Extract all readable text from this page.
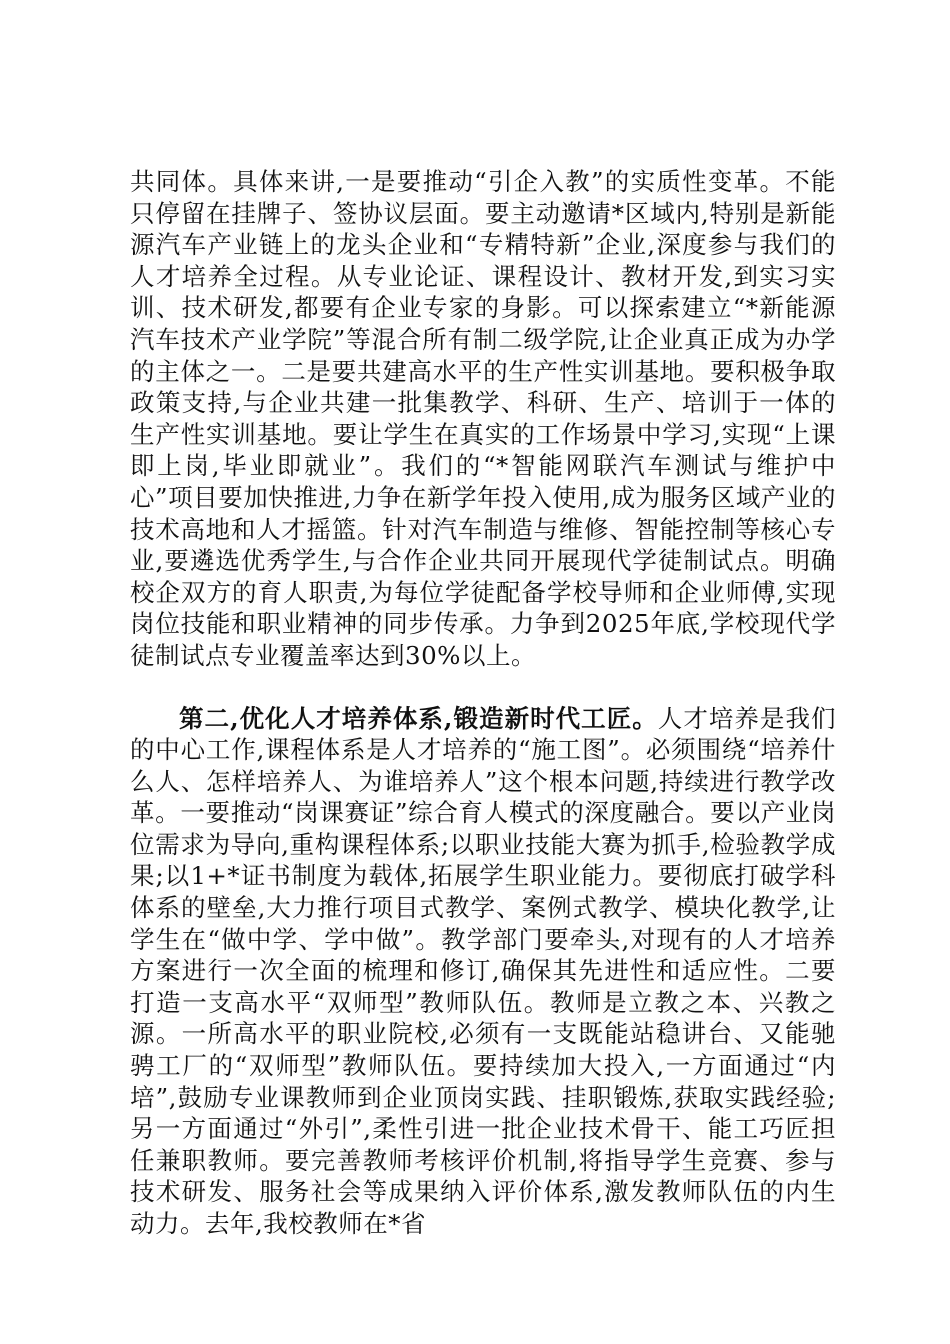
共同体。具体来讲,一是要推动“引企入教”的实质性变革。不能只停留在挂牌子、签协议层面。要主动邀请*区域内,特别是新能源汽车产业链上的龙头企业和“专精特新”企业,深度参与我们的人才培养全过程。从专业论证、课程设计、教材开发,到实习实训、技术研发,都要有企业专家的身影。可以探索建立“*新能源汽车技术产业学院”等混合所有制二级学院,让企业真正成为办学的主体之一。二是要共建高水平的生产性实训基地。要积极争取政策支持,与企业共建一批集教学、科研、生产、培训于一体的生产性实训基地。要让学生在真实的工作场景中学习,实现“上课即上岗,毕业即就业”。我们的“*智能网联汽车测试与维护中心”项目要加快推进,力争在新学年投入使用,成为服务区域产业的技术高地和人才摇篮。针对汽车制造与维修、智能控制等核心专业,要遴选优秀学生,与合作企业共同开展现代学徒制试点。明确校企双方的育人职责,为每位学徒配备学校导师和企业师傅,实现岗位技能和职业精神的同步传承。力争到2025年底,学校现代学徒制试点专业覆盖率达到30%以上。

第二,优化人才培养体系,锻造新时代工匠。人才培养是我们的中心工作,课程体系是人才培养的“施工图”。必须围绕“培养什么人、怎样培养人、为谁培养人”这个根本问题,持续进行教学改革。一要推动“岗课赛证”综合育人模式的深度融合。要以产业岗位需求为导向,重构课程体系;以职业技能大赛为抓手,检验教学成果;以1+*证书制度为载体,拓展学生职业能力。要彻底打破学科体系的壁垒,大力推行项目式教学、案例式教学、模块化教学,让学生在“做中学、学中做”。教学部门要牵头,对现有的人才培养方案进行一次全面的梳理和修订,确保其先进性和适应性。二要打造一支高水平“双师型”教师队伍。教师是立教之本、兴教之源。一所高水平的职业院校,必须有一支既能站稳讲台、又能驰骋工厂的“双师型”教师队伍。要持续加大投入,一方面通过“内培”,鼓励专业课教师到企业顶岗实践、挂职锻炼,获取实践经验;另一方面通过“外引”,柔性引进一批企业技术骨干、能工巧匠担任兼职教师。要完善教师考核评价机制,将指导学生竞赛、参与技术研发、服务社会等成果纳入评价体系,激发教师队伍的内生动力。去年,我校教师在*省
